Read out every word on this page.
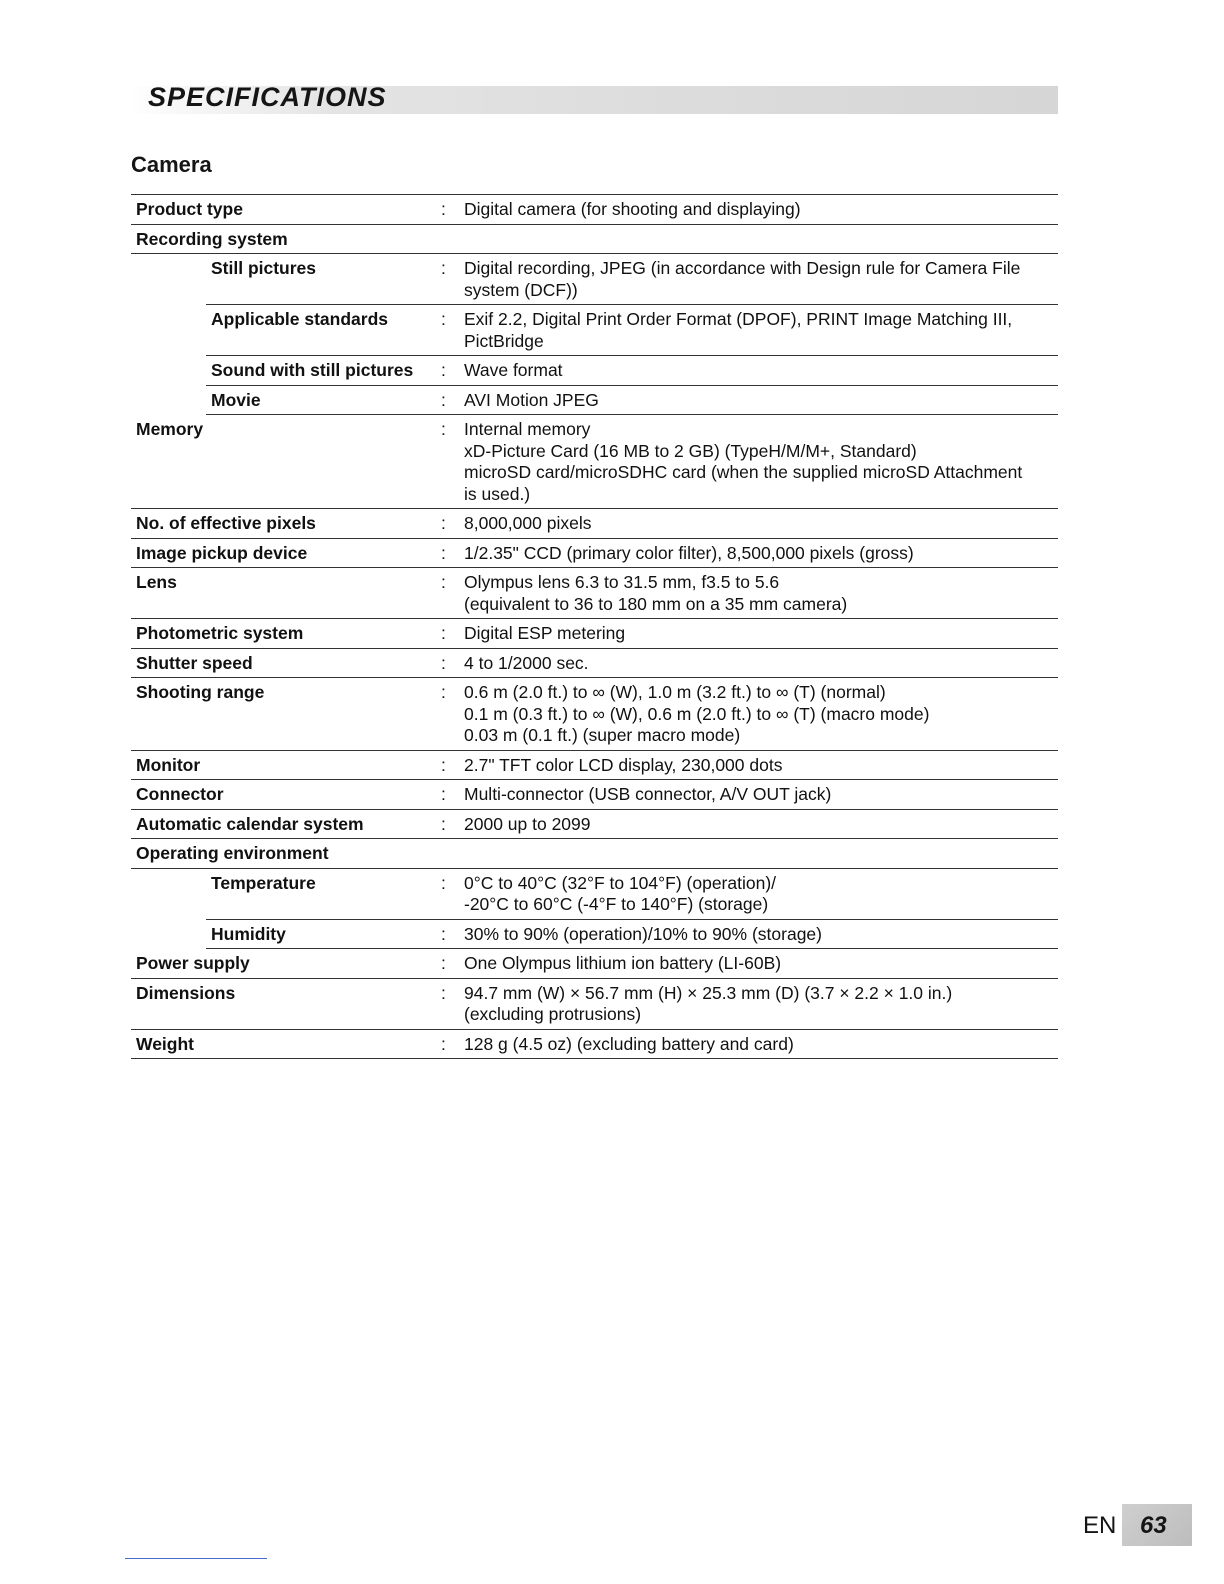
SPECIFICATIONS
Camera
Product type	: Digital camera (for shooting and displaying)
Recording system
Still pictures	: Digital recording, JPEG (in accordance with Design rule for Camera File
system (DCF))
Applicable standards	: Exif 2.2, Digital Print Order Format (DPOF), PRINT Image Matching III,
PictBridge
Sound with still pictures	: Wave format
Movie	: AVI Motion JPEG
Memory	: Internal memory
xD-Picture Card (16 MB to 2 GB) (TypeH/M/M+, Standard)
microSD card/microSDHC card (when the supplied microSD Attachment
is used.)
No. of effective pixels	: 8,000,000 pixels
Image pickup device	: 1/2.35" CCD (primary color filter), 8,500,000 pixels (gross)
Lens	: Olympus lens 6.3 to 31.5 mm, f3.5 to 5.6
(equivalent to 36 to 180 mm on a 35 mm camera)
Photometric system	: Digital ESP metering
Shutter speed	: 4 to 1/2000 sec.
Shooting range	: 0.6 m (2.0 ft.) to ∞ (W), 1.0 m (3.2 ft.) to ∞ (T) (normal)
0.1 m (0.3 ft.) to ∞ (W), 0.6 m (2.0 ft.) to ∞ (T) (macro mode)
0.03 m (0.1 ft.) (super macro mode)
Monitor	: 2.7" TFT color LCD display, 230,000 dots
Connector	: Multi-connector (USB connector, A/V OUT jack)
Automatic calendar system	: 2000 up to 2099
Operating environment
Temperature	: 0°C to 40°C (32°F to 104°F) (operation)/
-20°C to 60°C (-4°F to 140°F) (storage)
Humidity	: 30% to 90% (operation)/10% to 90% (storage)
Power supply	: One Olympus lithium ion battery (LI-60B)
Dimensions	: 94.7 mm (W) × 56.7 mm (H) × 25.3 mm (D) (3.7 × 2.2 × 1.0 in.)
(excluding protrusions)
Weight	: 128 g (4.5 oz) (excluding battery and card)
EN 63
